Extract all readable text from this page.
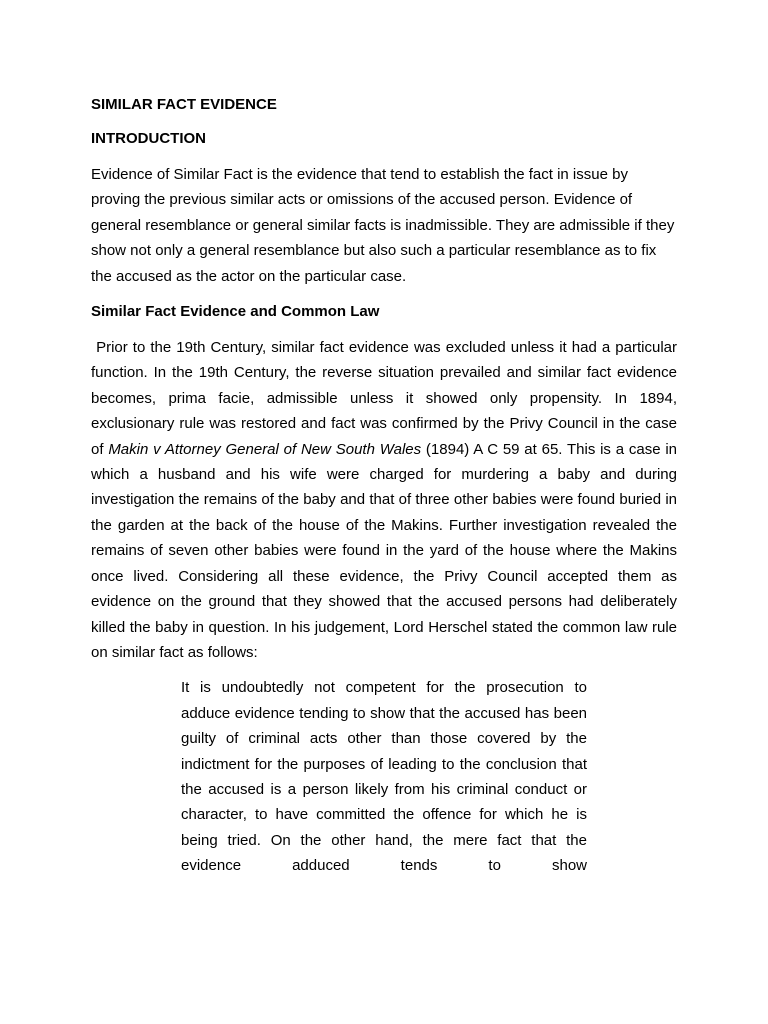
SIMILAR FACT EVIDENCE

INTRODUCTION

Evidence of Similar Fact is the evidence that tend to establish the fact in issue by proving the previous similar acts or omissions of the accused person. Evidence of general resemblance or general similar facts is inadmissible. They are admissible if they show not only a general resemblance but also such a particular resemblance as to fix the accused as the actor on the particular case.

Similar Fact Evidence and Common Law

Prior to the 19th Century, similar fact evidence was excluded unless it had a particular function. In the 19th Century, the reverse situation prevailed and similar fact evidence becomes, prima facie, admissible unless it showed only propensity. In 1894, exclusionary rule was restored and fact was confirmed by the Privy Council in the case of Makin v Attorney General of New South Wales (1894) A C 59 at 65. This is a case in which a husband and his wife were charged for murdering a baby and during investigation the remains of the baby and that of three other babies were found buried in the garden at the back of the house of the Makins. Further investigation revealed the remains of seven other babies were found in the yard of the house where the Makins once lived. Considering all these evidence, the Privy Council accepted them as evidence on the ground that they showed that the accused persons had deliberately killed the baby in question. In his judgement, Lord Herschel stated the common law rule on similar fact as follows:

It is undoubtedly not competent for the prosecution to adduce evidence tending to show that the accused has been guilty of criminal acts other than those covered by the indictment for the purposes of leading to the conclusion that the accused is a person likely from his criminal conduct or character, to have committed the offence for which he is being tried. On the other hand, the mere fact that the evidence adduced tends to show
